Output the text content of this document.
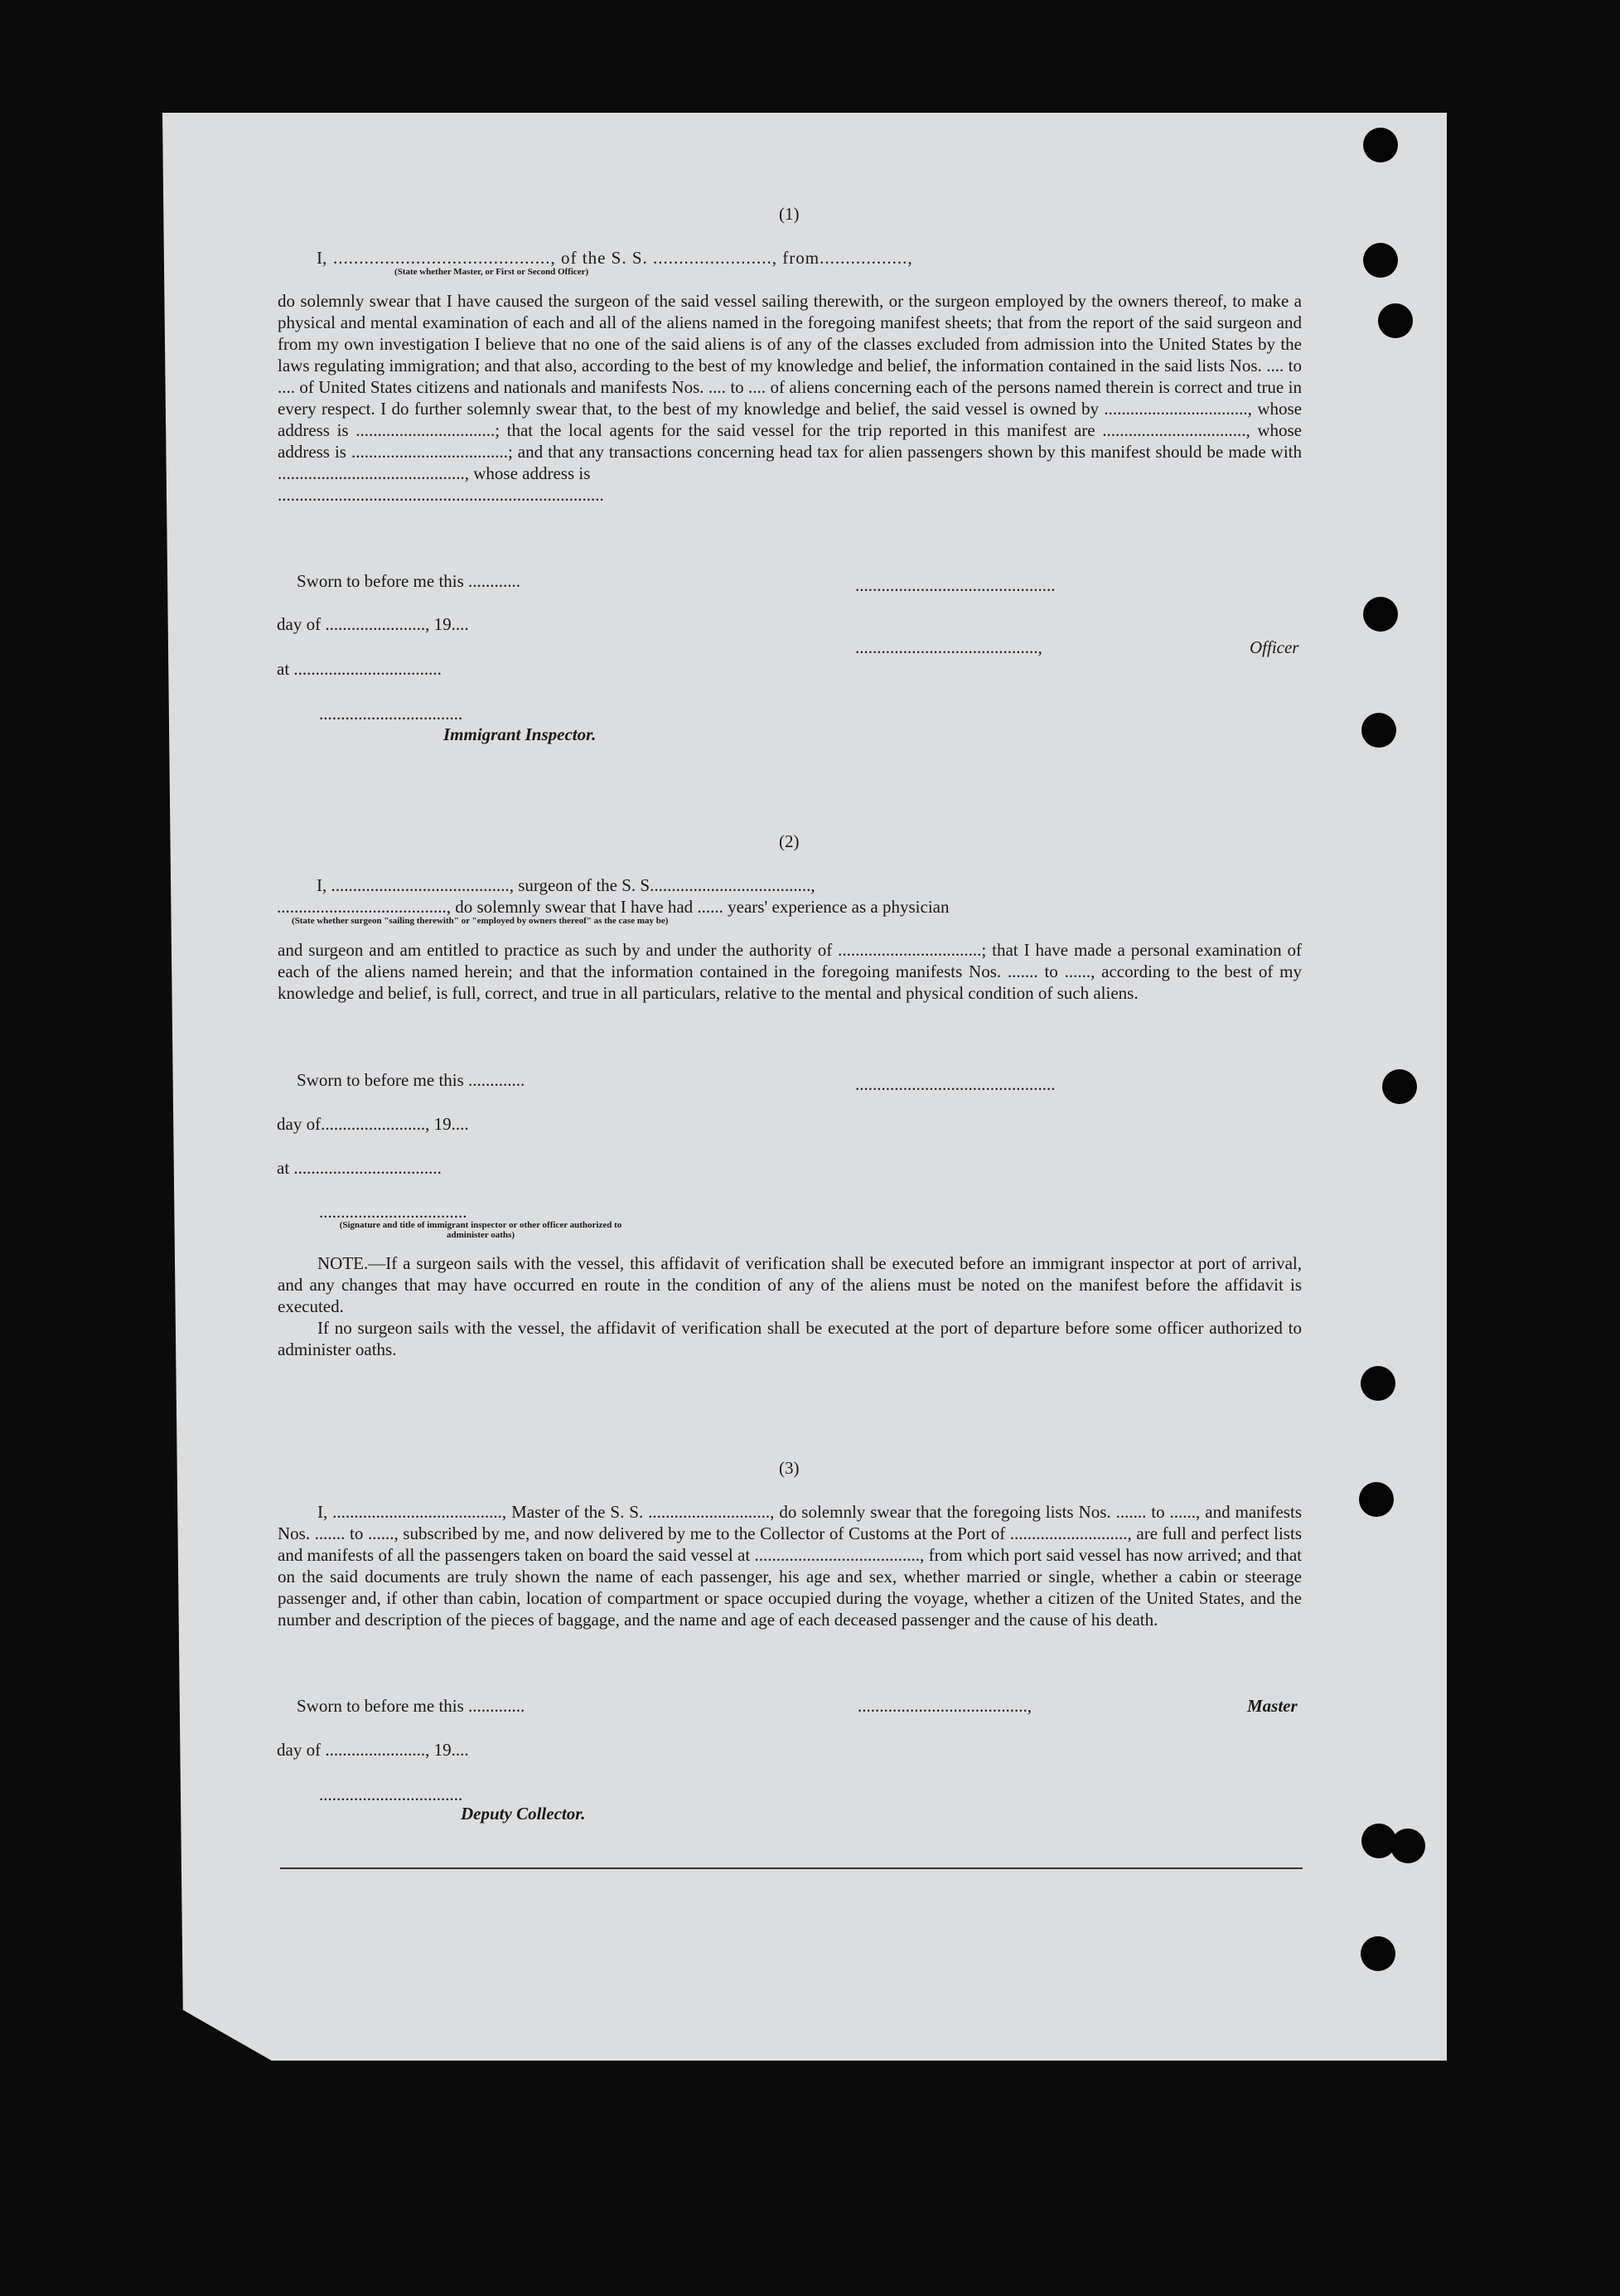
(1)
I, .........................................., of the S. S. ......................., from.................,
(State whether Master, or First or Second Officer)

do solemnly swear that I have caused the surgeon of the said vessel sailing therewith, or the surgeon employed by the owners thereof, to make a physical and mental examination of each and all of the aliens named in the foregoing manifest sheets; that from the report of the said surgeon and from my own investigation I believe that no one of the said aliens is of any of the classes excluded from admission into the United States by the laws regulating immigration; and that also, according to the best of my knowledge and belief, the information contained in the said lists Nos. .... to .... of United States citizens and nationals and manifests Nos. .... to .... of aliens concerning each of the persons named therein is correct and true in every respect. I do further solemnly swear that, to the best of my knowledge and belief, the said vessel is owned by ................................., whose address is ................................; that the local agents for the said vessel for the trip reported in this manifest are ................................., whose address is ....................................; and that any transactions concerning head tax for alien passengers shown by this manifest should be made with ..........................................., whose address is

...........................................................................

Sworn to before me this ............	..............................................
day of ......................., 19....
..........................................,	Officer
at ..................................
.................................
Immigrant Inspector.
(2)
I, ........................................., surgeon of the S. S.....................................,
......................................., do solemnly swear that I have had ...... years' experience as a physician
(State whether surgeon "sailing therewith" or "employed by owners thereof" as the case may be)
and surgeon and am entitled to practice as such by and under the authority of .................................; that I have made a personal examination of each of the aliens named herein; and that the information contained in the foregoing manifests Nos. ....... to ......, according to the best of my knowledge and belief, is full, correct, and true in all particulars, relative to the mental and physical condition of such aliens.
Sworn to before me this .............	..............................................
day of........................, 19....
at ..................................
..................................
(Signature and title of immigrant inspector or other officer authorized to administer oaths)

NOTE.—If a surgeon sails with the vessel, this affidavit of verification shall be executed before an immigrant inspector at port of arrival, and any changes that may have occurred en route in the condition of any of the aliens must be noted on the manifest before the affidavit is executed.

If no surgeon sails with the vessel, the affidavit of verification shall be executed at the port of departure before some officer authorized to administer oaths.

(3)
I, ......................................., Master of the S. S. ............................, do solemnly swear that the foregoing lists Nos. ....... to ......, and manifests Nos. ....... to ......, subscribed by me, and now delivered by me to the Collector of Customs at the Port of ..........................., are full and perfect lists and manifests of all the passengers taken on board the said vessel at ......................................, from which port said vessel has now arrived; and that on the said documents are truly shown the name of each passenger, his age and sex, whether married or single, whether a cabin or steerage passenger and, if other than cabin, location of compartment or space occupied during the voyage, whether a citizen of the United States, and the number and description of the pieces of baggage, and the name and age of each deceased passenger and the cause of his death.
Sworn to before me this .............	.......................................,	Master
day of ......................., 19....
.................................
Deputy Collector.
